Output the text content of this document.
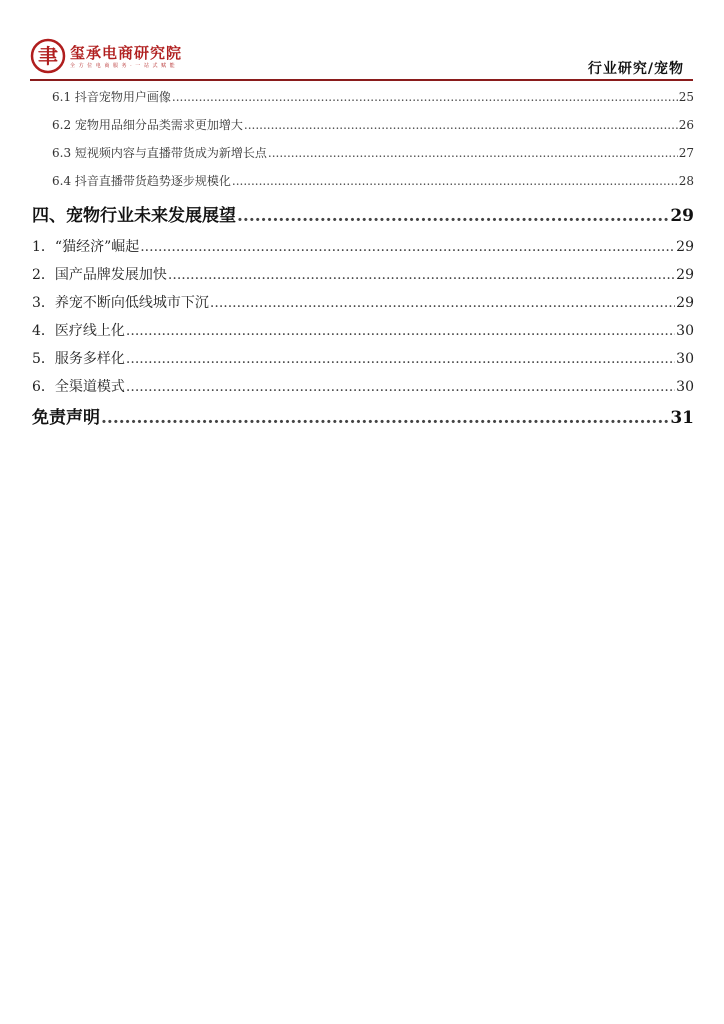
聿 玺承电商研究院
全 方 位 电 商 服 务 · 一 站 式 赋 能	行业研究/宠物
6.1 抖音宠物用户画像 .....	25
6.2 宠物用品细分品类需求更加增大 .....	26
6.3 短视频内容与直播带货成为新增长点 .....	27
6.4 抖音直播带货趋势逐步规模化 .....	28
四、宠物行业未来发展展望 .....	29
1．“猫经济”崛起 .....	29
2．国产品牌发展加快 .....	29
3．养宠不断向低线城市下沉 .....	29
4．医疗线上化 .....	30
5．服务多样化 .....	30
6．全渠道模式 .....	30
免责声明 .....	31
